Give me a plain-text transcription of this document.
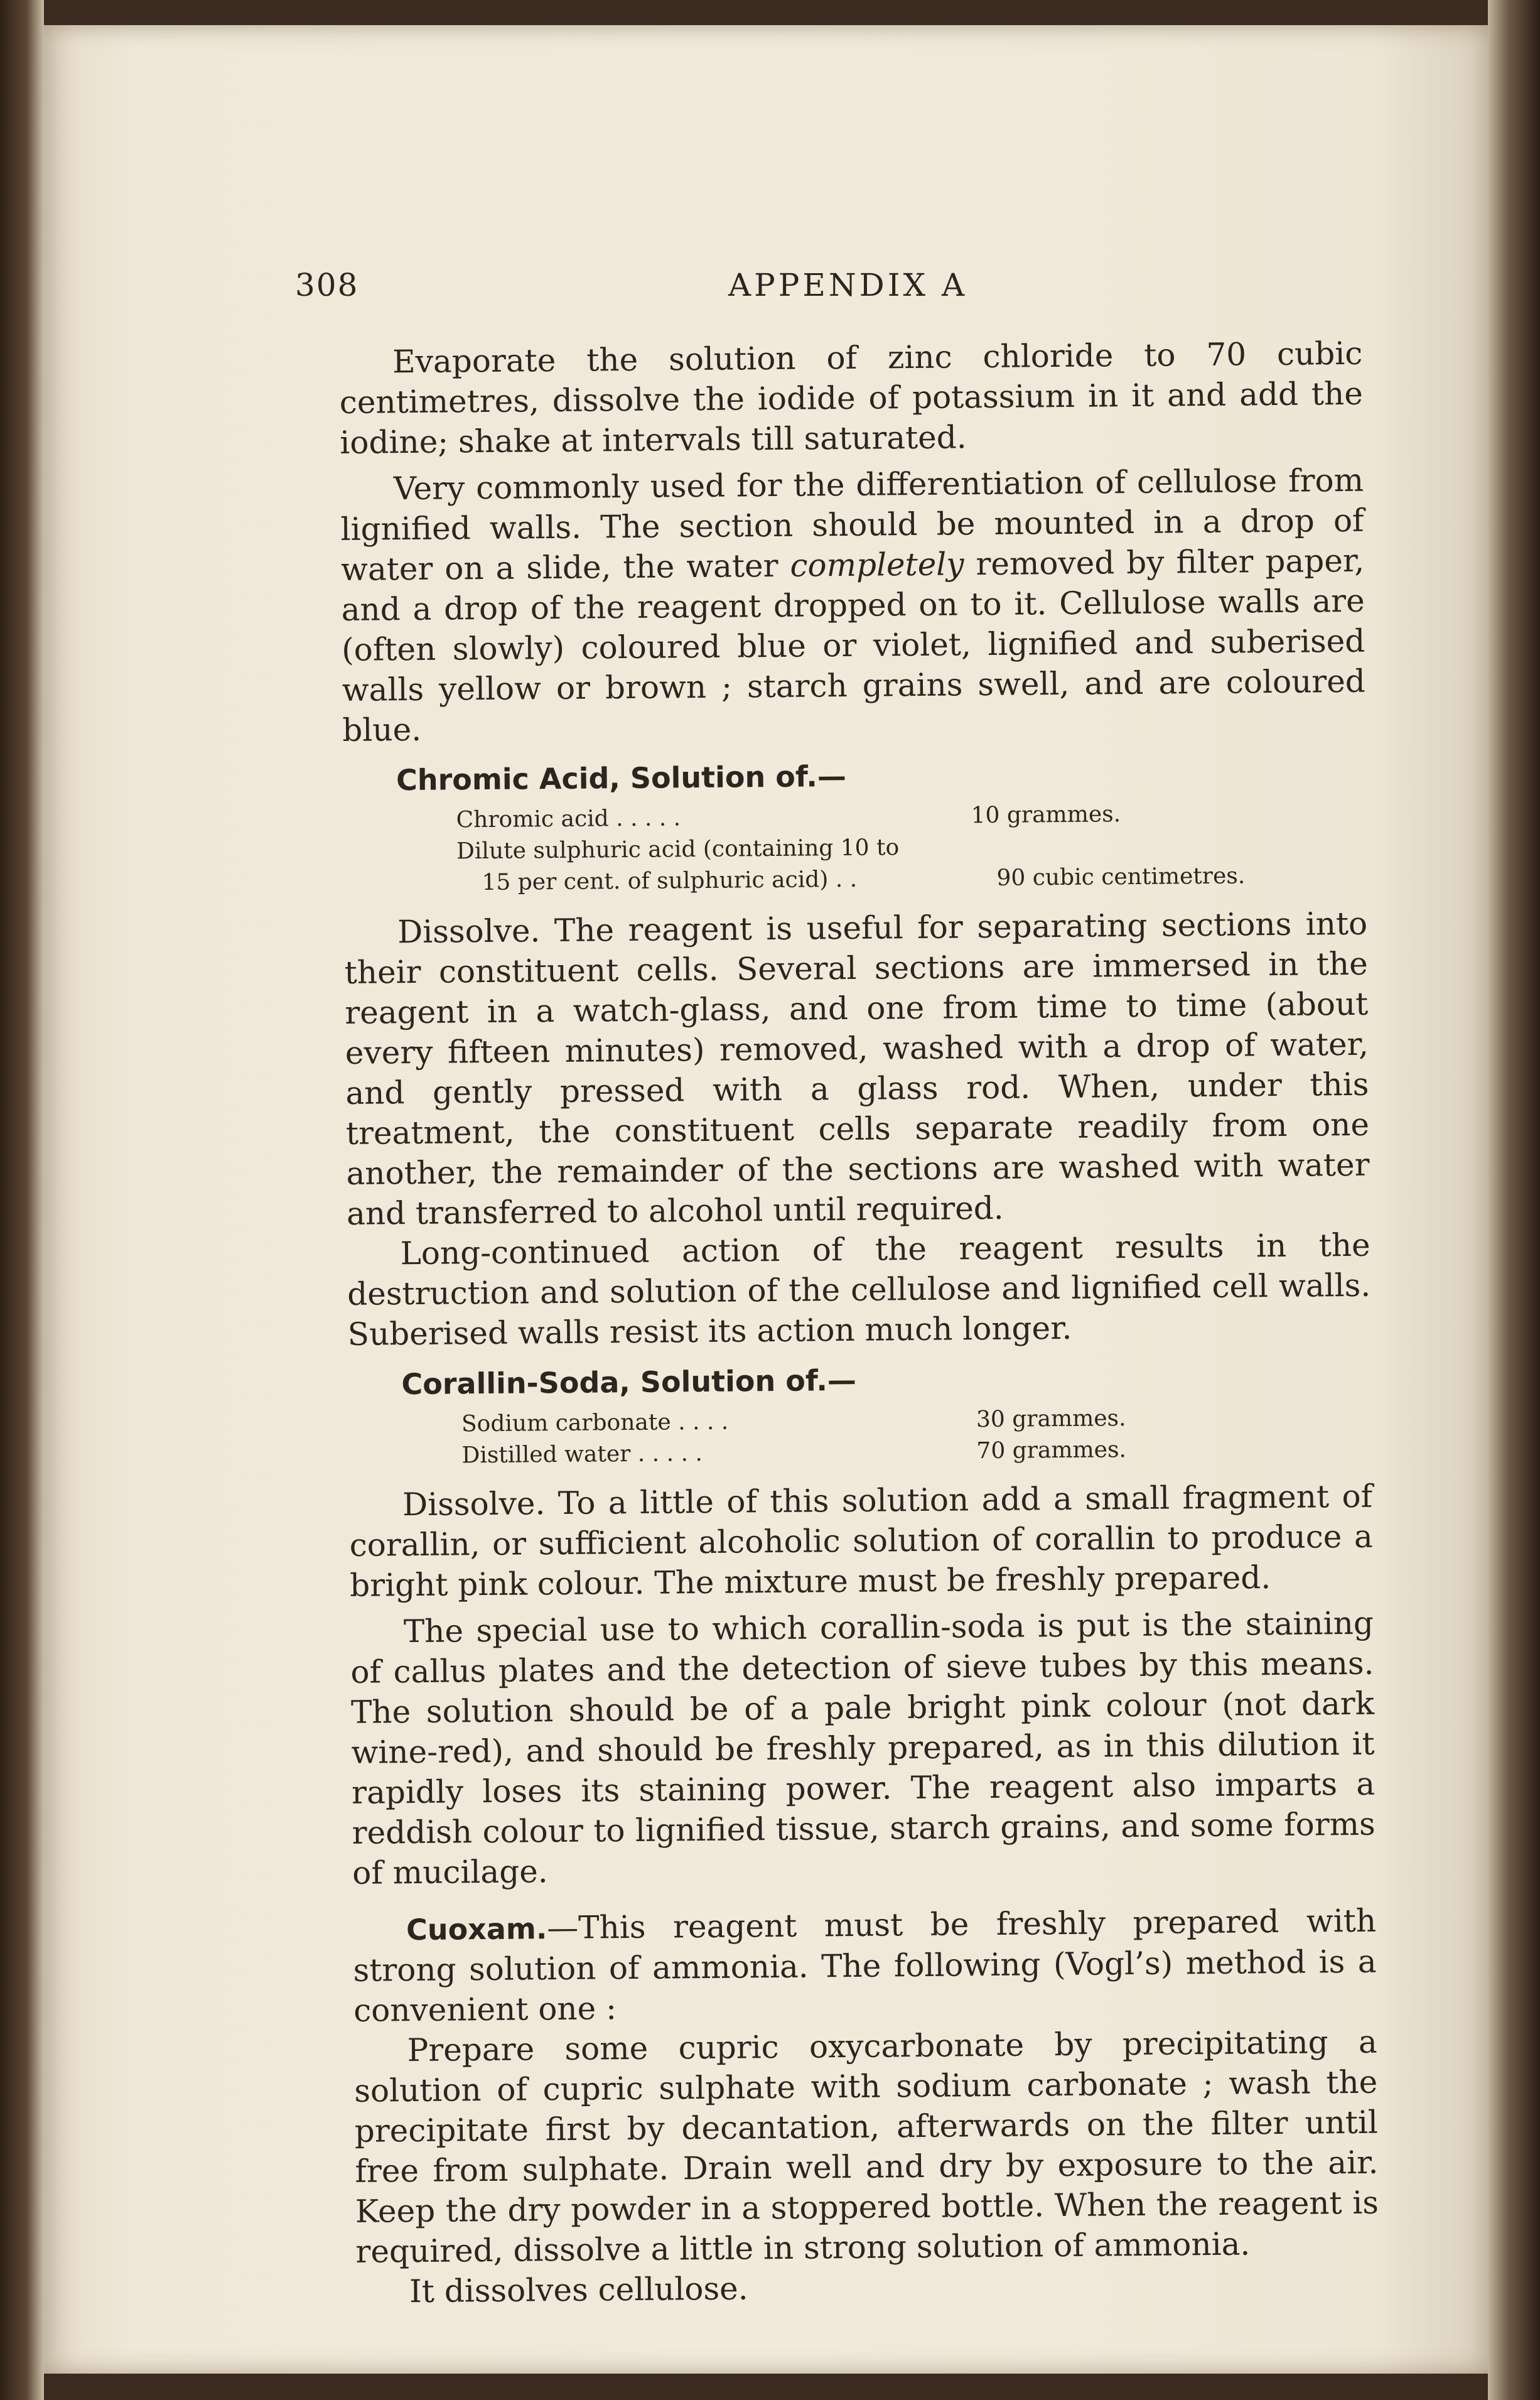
308	APPENDIX A

Evaporate the solution of zinc chloride to 70 cubic centimetres, dissolve the iodide of potassium in it and add the iodine; shake at intervals till saturated.

Very commonly used for the differentiation of cellulose from lignified walls. The section should be mounted in a drop of water on a slide, the water completely removed by filter paper, and a drop of the reagent dropped on to it. Cellulose walls are (often slowly) coloured blue or violet, lignified and suberised walls yellow or brown ; starch grains swell, and are coloured blue.

Chromic Acid, Solution of.—
Chromic acid . . . . .	10 grammes.
Dilute sulphuric acid (containing 10 to
15 per cent. of sulphuric acid) . .	90 cubic centimetres.

Dissolve. The reagent is useful for separating sections into their constituent cells. Several sections are immersed in the reagent in a watch-glass, and one from time to time (about every fifteen minutes) removed, washed with a drop of water, and gently pressed with a glass rod. When, under this treatment, the constituent cells separate readily from one another, the remainder of the sections are washed with water and transferred to alcohol until required.

Long-continued action of the reagent results in the destruction and solution of the cellulose and lignified cell walls. Suberised walls resist its action much longer.

Corallin-Soda, Solution of.—
Sodium carbonate . . . .	30 grammes.
Distilled water . . . . .	70 grammes.

Dissolve. To a little of this solution add a small fragment of corallin, or sufficient alcoholic solution of corallin to produce a bright pink colour. The mixture must be freshly prepared.

The special use to which corallin-soda is put is the staining of callus plates and the detection of sieve tubes by this means. The solution should be of a pale bright pink colour (not dark wine-red), and should be freshly prepared, as in this dilution it rapidly loses its staining power. The reagent also imparts a reddish colour to lignified tissue, starch grains, and some forms of mucilage.

Cuoxam.—This reagent must be freshly prepared with strong solution of ammonia. The following (Vogl’s) method is a convenient one :

Prepare some cupric oxycarbonate by precipitating a solution of cupric sulphate with sodium carbonate ; wash the precipitate first by decantation, afterwards on the filter until free from sulphate. Drain well and dry by exposure to the air. Keep the dry powder in a stoppered bottle. When the reagent is required, dissolve a little in strong solution of ammonia.

It dissolves cellulose.
